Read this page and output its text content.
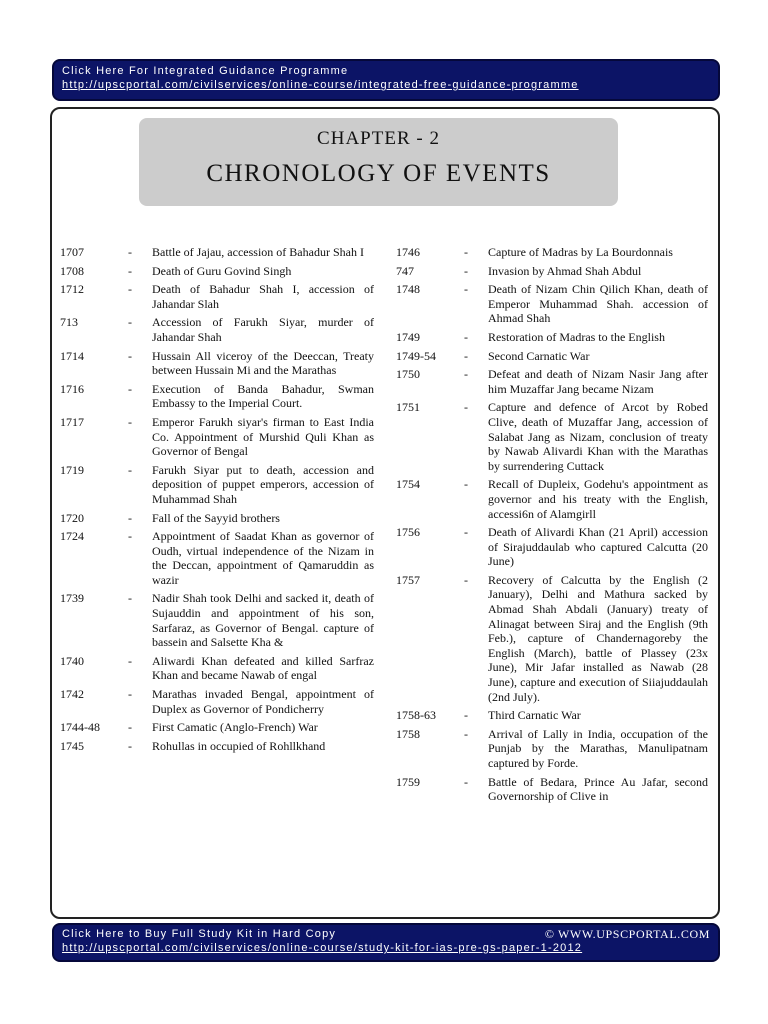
Click Here For Integrated Guidance Programme
http://upscportal.com/civilservices/online-course/integrated-free-guidance-programme
CHAPTER - 2
CHRONOLOGY OF EVENTS
1707	-	Battle of Jajau, accession of Bahadur Shah I
1708	-	Death of Guru Govind Singh
1712	-	Death of Bahadur Shah I, accession of Jahandar Slah
713	-	Accession of Farukh Siyar, murder of Jahandar Shah
1714	-	Hussain All viceroy of the Deeccan, Treaty between Hussain Mi and the Marathas
1716	-	Execution of Banda Bahadur, Swman Embassy to the Imperial Court.
1717	-	Emperor Farukh siyar's firman to East India Co. Appointment of Murshid Quli Khan as Governor of Bengal
1719	-	Farukh Siyar put to death, accession and deposition of puppet emperors, accession of Muhammad Shah
1720	-	Fall of the Sayyid brothers
1724	-	Appointment of Saadat Khan as governor of Oudh, virtual independence of the Nizam in the Deccan, appointment of Qamaruddin as wazir
1739	-	Nadir Shah took Delhi and sacked it, death of Sujauddin and appointment of his son, Sarfaraz, as Governor of Bengal. capture of bassein and Salsette Kha &
1740	-	Aliwardi Khan defeated and killed Sarfraz Khan and became Nawab of engal
1742	-	Marathas invaded Bengal, appointment of Duplex as Governor of Pondicherry
1744-48	-	First Camatic (Anglo-French) War
1745	-	Rohullas in occupied of Rohllkhand
1746	-	Capture of Madras by La Bourdonnais
747	-	Invasion by Ahmad Shah Abdul
1748	-	Death of Nizam Chin Qilich Khan, death of Emperor Muhammad Shah. accession of Ahmad Shah
1749	-	Restoration of Madras to the English
1749-54	-	Second Carnatic War
1750	-	Defeat and death of Nizam Nasir Jang after him Muzaffar Jang became Nizam
1751	-	Capture and defence of Arcot by Robed Clive, death of Muzaffar Jang, accession of Salabat Jang as Nizam, conclusion of treaty by Nawab Alivardi Khan with the Marathas by surrendering Cuttack
1754	-	Recall of Dupleix, Godehu's appointment as governor and his treaty with the English, accessi6n of Alamgirll
1756	-	Death of Alivardi Khan (21 April) accession of Sirajuddaulab who captured Calcutta (20 June)
1757	-	Recovery of Calcutta by the English (2 January), Delhi and Mathura sacked by Abmad Shah Abdali (January) treaty of Alinagat between Siraj and the English (9th Feb.), capture of Chandernagoreby the English (March), battle of Plassey (23x June), Mir Jafar installed as Nawab (28 June), capture and execution of Siiajuddaulah (2nd July).
1758-63	-	Third Carnatic War
1758	-	Arrival of Lally in India, occupation of the Punjab by the Marathas, Manulipatnam captured by Forde.
1759	-	Battle of Bedara, Prince Au Jafar, second Governorship of Clive in
Click Here to Buy Full Study Kit in Hard Copy	© WWW.UPSCPORTAL.COM
http://upscportal.com/civilservices/online-course/study-kit-for-ias-pre-gs-paper-1-2012
